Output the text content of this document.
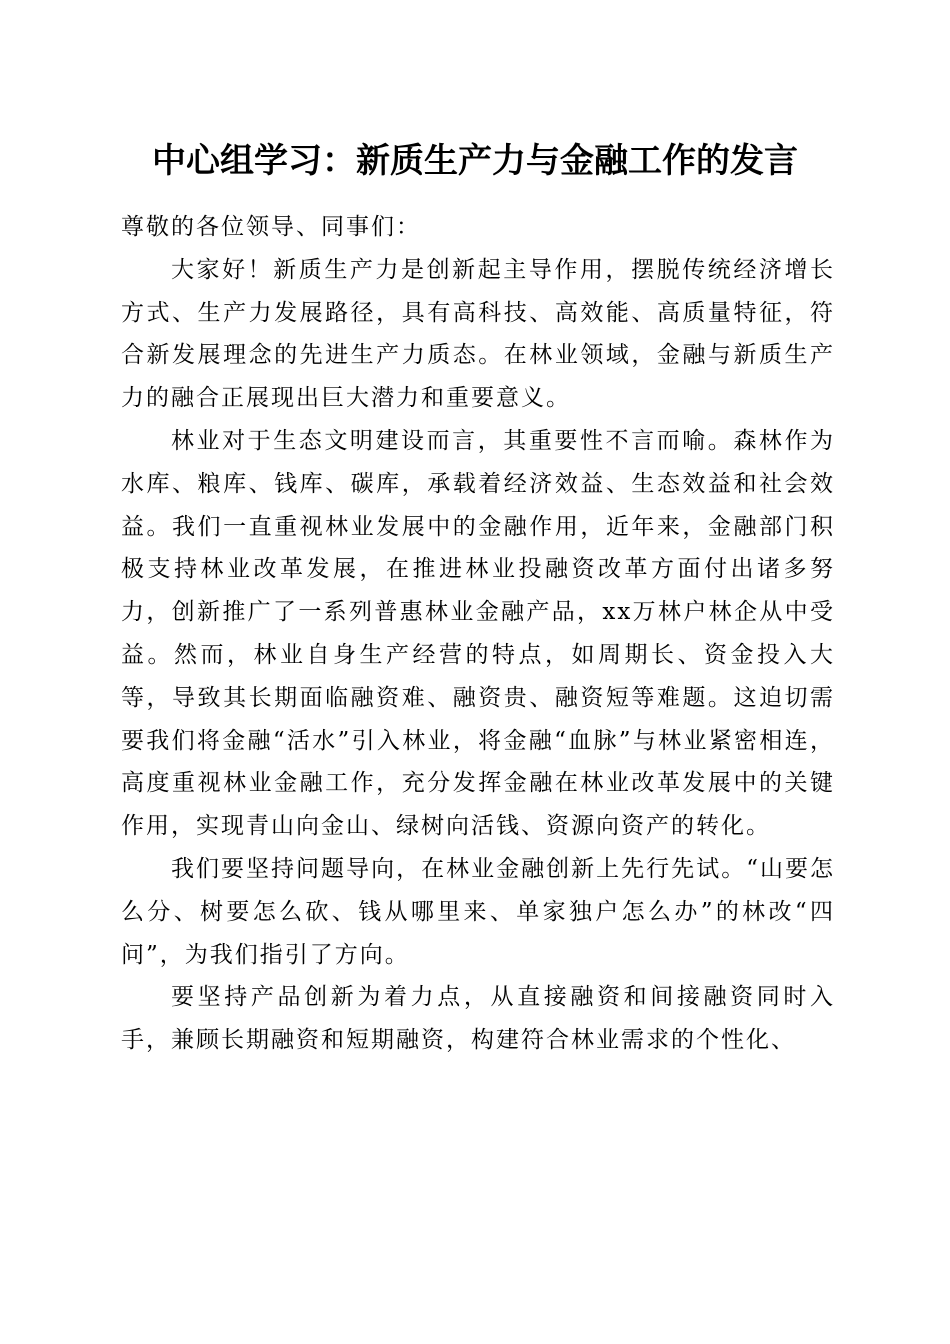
中心组学习：新质生产力与金融工作的发言

尊敬的各位领导、同事们：

大家好！新质生产力是创新起主导作用，摆脱传统经济增长方式、生产力发展路径，具有高科技、高效能、高质量特征，符合新发展理念的先进生产力质态。在林业领域，金融与新质生产力的融合正展现出巨大潜力和重要意义。

林业对于生态文明建设而言，其重要性不言而喻。森林作为水库、粮库、钱库、碳库，承载着经济效益、生态效益和社会效益。我们一直重视林业发展中的金融作用，近年来，金融部门积极支持林业改革发展，在推进林业投融资改革方面付出诸多努力，创新推广了一系列普惠林业金融产品，xx万林户林企从中受益。然而，林业自身生产经营的特点，如周期长、资金投入大等，导致其长期面临融资难、融资贵、融资短等难题。这迫切需要我们将金融“活水”引入林业，将金融“血脉”与林业紧密相连，高度重视林业金融工作，充分发挥金融在林业改革发展中的关键作用，实现青山向金山、绿树向活钱、资源向资产的转化。

我们要坚持问题导向，在林业金融创新上先行先试。“山要怎么分、树要怎么砍、钱从哪里来、单家独户怎么办”的林改“四问”，为我们指引了方向。

要坚持产品创新为着力点，从直接融资和间接融资同时入手，兼顾长期融资和短期融资，构建符合林业需求的个性化、
